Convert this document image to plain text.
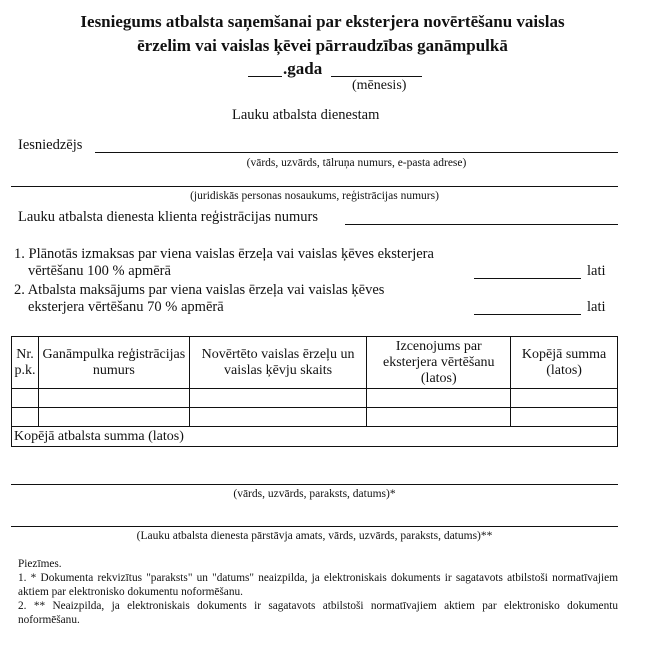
Iesniegums atbalsta saņemšanai par eksterjera novērtēšanu vaislas
ērzelim vai vaislas ķēvei pārraudzības ganāmpulkā
.gada
(mēnesis)
Lauku atbalsta dienestam
Iesniedzējs
(vārds, uzvārds, tālruņa numurs, e-pasta adrese)
(juridiskās personas nosaukums, reģistrācijas numurs)
Lauku atbalsta dienesta klienta reģistrācijas numurs
1. Plānotās izmaksas par viena vaislas ērzeļa vai vaislas ķēves eksterjera
vērtēšanu 100 % apmērā	lati
2. Atbalsta maksājums par viena vaislas ērzeļa vai vaislas ķēves
eksterjera vērtēšanu 70 % apmērā	lati
Nr. p.k.	Ganāmpulka reģistrācijas numurs	Novērtēto vaislas ērzeļu un vaislas ķēvju skaits	Izcenojums par eksterjera vērtēšanu (latos)	Kopējā summa (latos)

Kopējā atbalsta summa (latos)				
(vārds, uzvārds, paraksts, datums)*
(Lauku atbalsta dienesta pārstāvja amats, vārds, uzvārds, paraksts, datums)**
Piezīmes.
1. * Dokumenta rekvizītus "paraksts" un "datums" neaizpilda, ja elektroniskais dokuments ir sagatavots atbilstoši normatīvajiem aktiem par elektronisko dokumentu noformēšanu.
2. ** Neaizpilda, ja elektroniskais dokuments ir sagatavots atbilstoši normatīvajiem aktiem par elektronisko dokumentu noformēšanu.
